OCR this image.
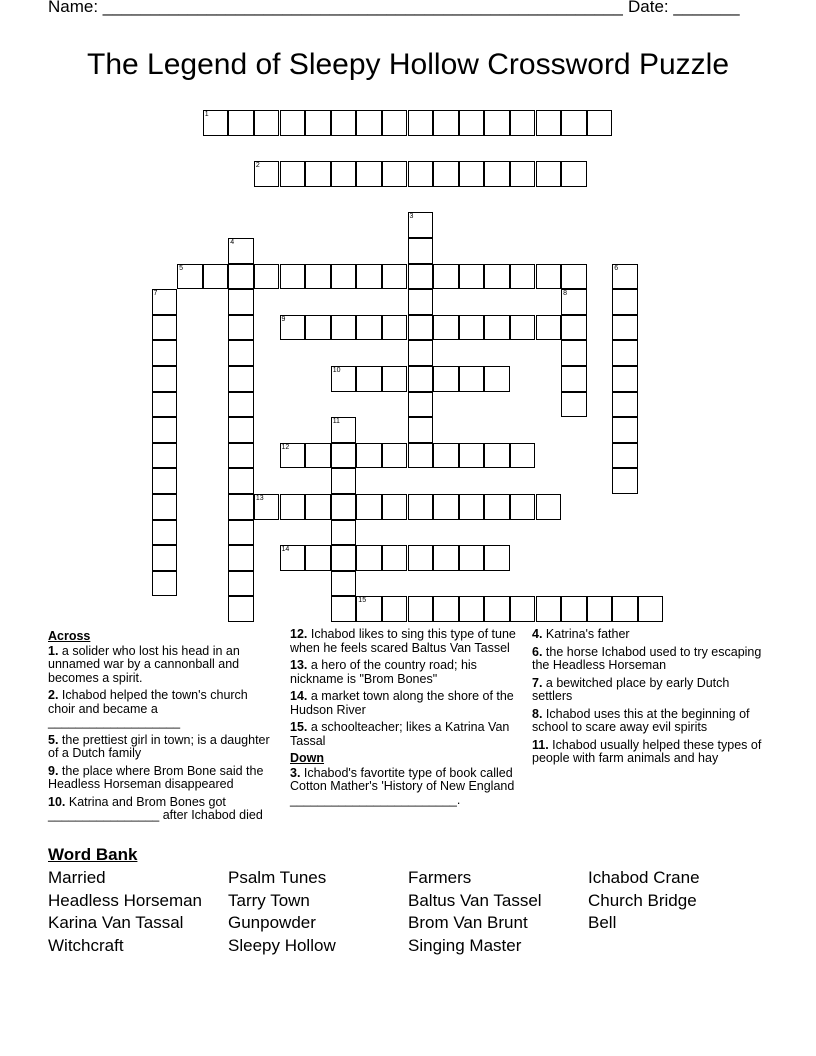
Name: _______________________________________________________ Date: _______
The Legend of Sleepy Hollow Crossword Puzzle
1
2
3
4
5	6
7	8
9
10
11
12
13
14
15
Across
1. a solider who lost his head in an unnamed war by a cannonball and becomes a spirit.
2. Ichabod helped the town's church choir and became a ___________________
5. the prettiest girl in town; is a daughter of a Dutch family
9. the place where Brom Bone said the Headless Horseman disappeared
10. Katrina and Brom Bones got ________________ after Ichabod died
12. Ichabod likes to sing this type of tune when he feels scared Baltus Van Tassel
13. a hero of the country road; his nickname is "Brom Bones"
14. a market town along the shore of the Hudson River
15. a schoolteacher; likes a Katrina Van Tassal
Down
3. Ichabod's favortite type of book called Cotton Mather's 'History of New England ________________________.
4. Katrina's father
6. the horse Ichabod used to try escaping the Headless Horseman
7. a bewitched place by early Dutch settlers
8. Ichabod uses this at the beginning of school to scare away evil spirits
11. Ichabod usually helped these types of people with farm animals and hay
Word Bank
Married
Headless Horseman
Karina Van Tassal
Witchcraft
Psalm Tunes
Tarry Town
Gunpowder
Sleepy Hollow
Farmers
Baltus Van Tassel
Brom Van Brunt
Singing Master
Ichabod Crane
Church Bridge
Bell
